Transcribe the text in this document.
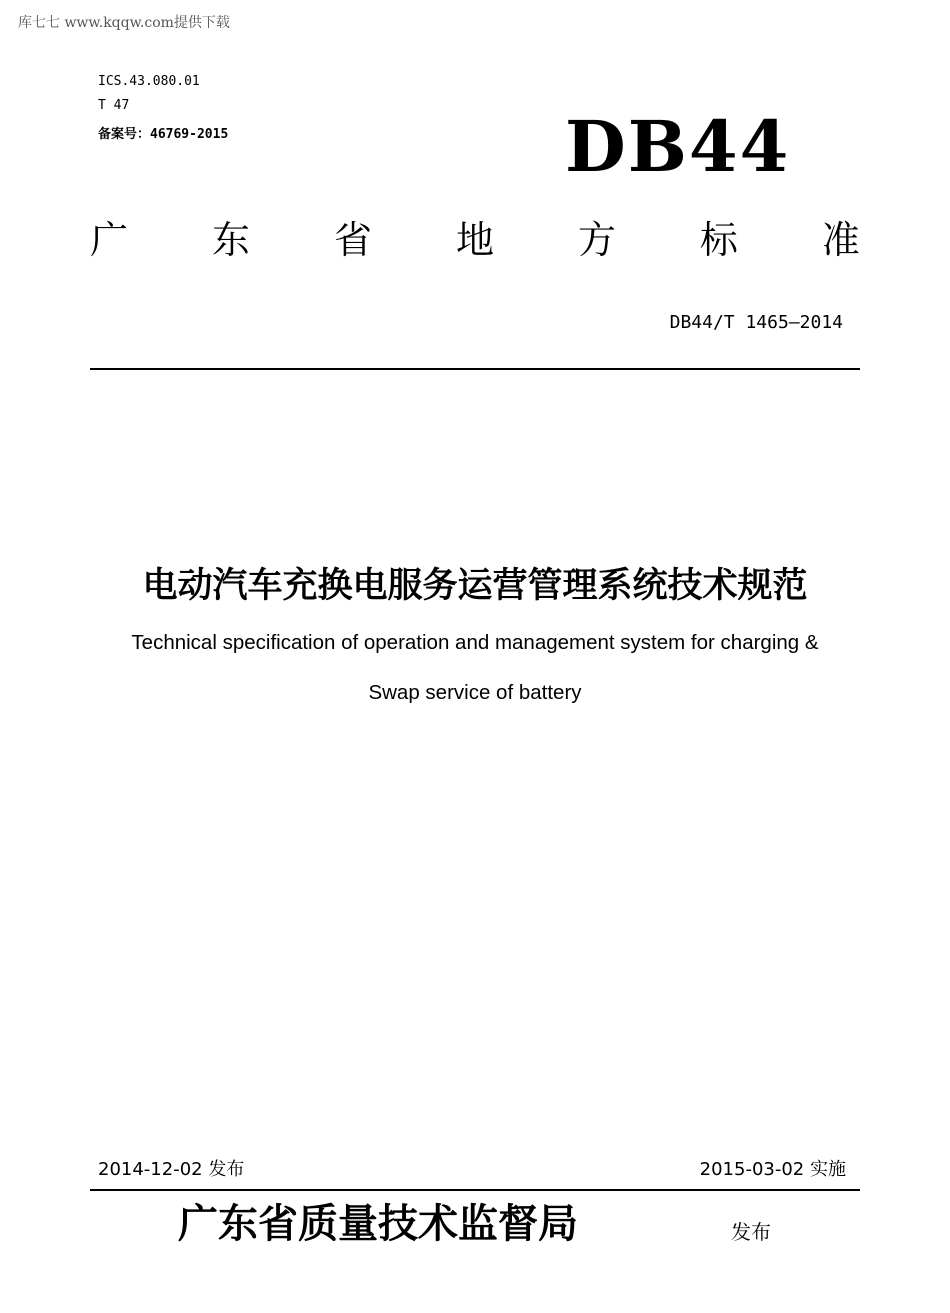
库七七 www.kqqw.com提供下载
ICS.43.080.01
T 47
备案号：46769-2015	DB44
广 东 省 地 方 标 准
DB44/T 1465—2014
电动汽车充换电服务运营管理系统技术规范
Technical specification of operation and management system for charging &
Swap service of battery
2014-12-02 发布	2015-03-02 实施
广东省质量技术监督局	发布
